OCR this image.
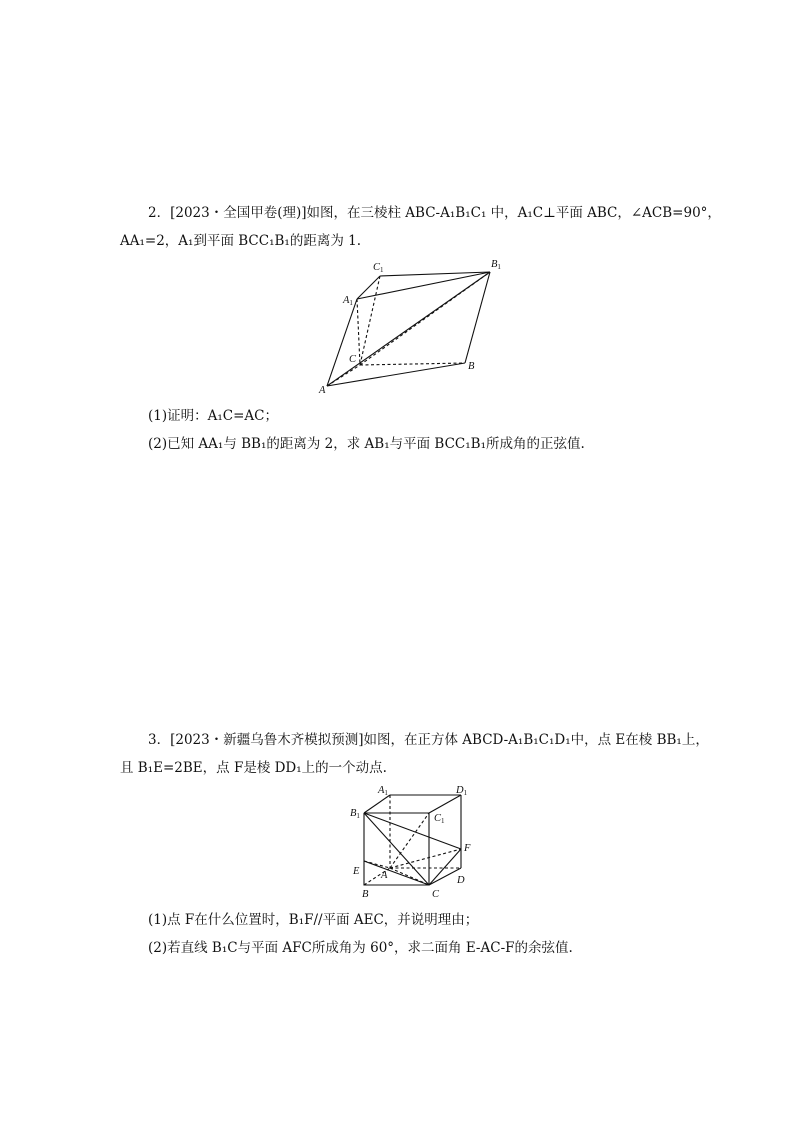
2．[2023・全国甲卷(理)]如图，在三棱柱 ABC-A₁B₁C₁ 中，A₁C⊥平面 ABC，∠ACB=90°，
AA₁=2，A₁到平面 BCC₁B₁的距离为 1.
C1	B1
A1
C
B
A
(1)证明：A₁C=AC；
(2)已知 AA₁与 BB₁的距离为 2，求 AB₁与平面 BCC₁B₁所成角的正弦值.
3．[2023・新疆乌鲁木齐模拟预测]如图，在正方体 ABCD-A₁B₁C₁D₁中，点 E在棱 BB₁上，
且 B₁E=2BE，点 F是棱 DD₁上的一个动点.
A1	D1
B1	C1
F
E A	D
B	C
(1)点 F在什么位置时，B₁F//平面 AEC，并说明理由；
(2)若直线 B₁C与平面 AFC所成角为 60°，求二面角 E-AC-F的余弦值.
